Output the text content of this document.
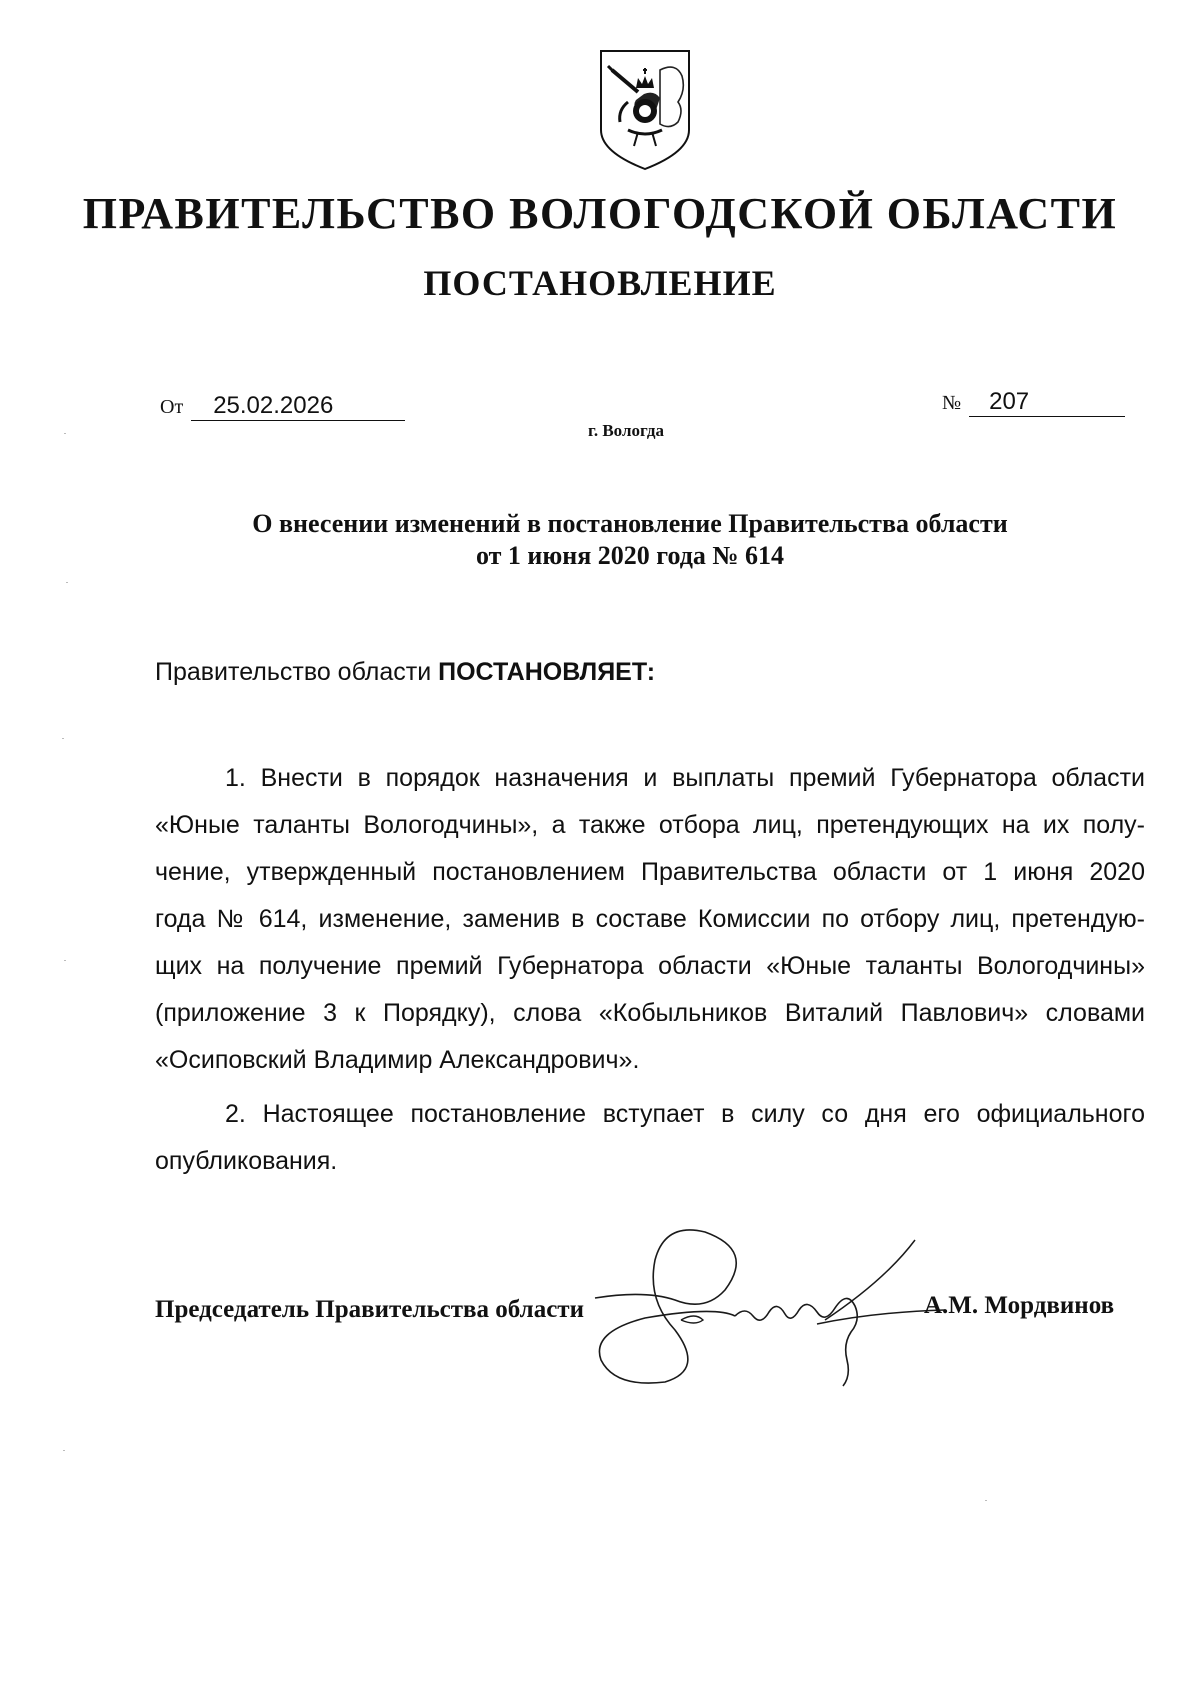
ПРАВИТЕЛЬСТВО ВОЛОГОДСКОЙ ОБЛАСТИ
ПОСТАНОВЛЕНИЕ
От 25.02.2026	№ 207
г. Вологда
О внесении изменений в постановление Правительства области
от 1 июня 2020 года № 614
Правительство области ПОСТАНОВЛЯЕТ:
1. Внести в порядок назначения и выплаты премий Губернатора области
«Юные таланты Вологодчины», а также отбора лиц, претендующих на их полу-
чение, утвержденный постановлением Правительства области от 1 июня 2020
года № 614, изменение, заменив в составе Комиссии по отбору лиц, претендую-
щих на получение премий Губернатора области «Юные таланты Вологодчины»
(приложение 3 к Порядку), слова «Кобыльников Виталий Павлович» словами
«Осиповский Владимир Александрович».
2. Настоящее постановление вступает в силу со дня его официального
опубликования.
Председатель Правительства области	А.М. Мордвинов
